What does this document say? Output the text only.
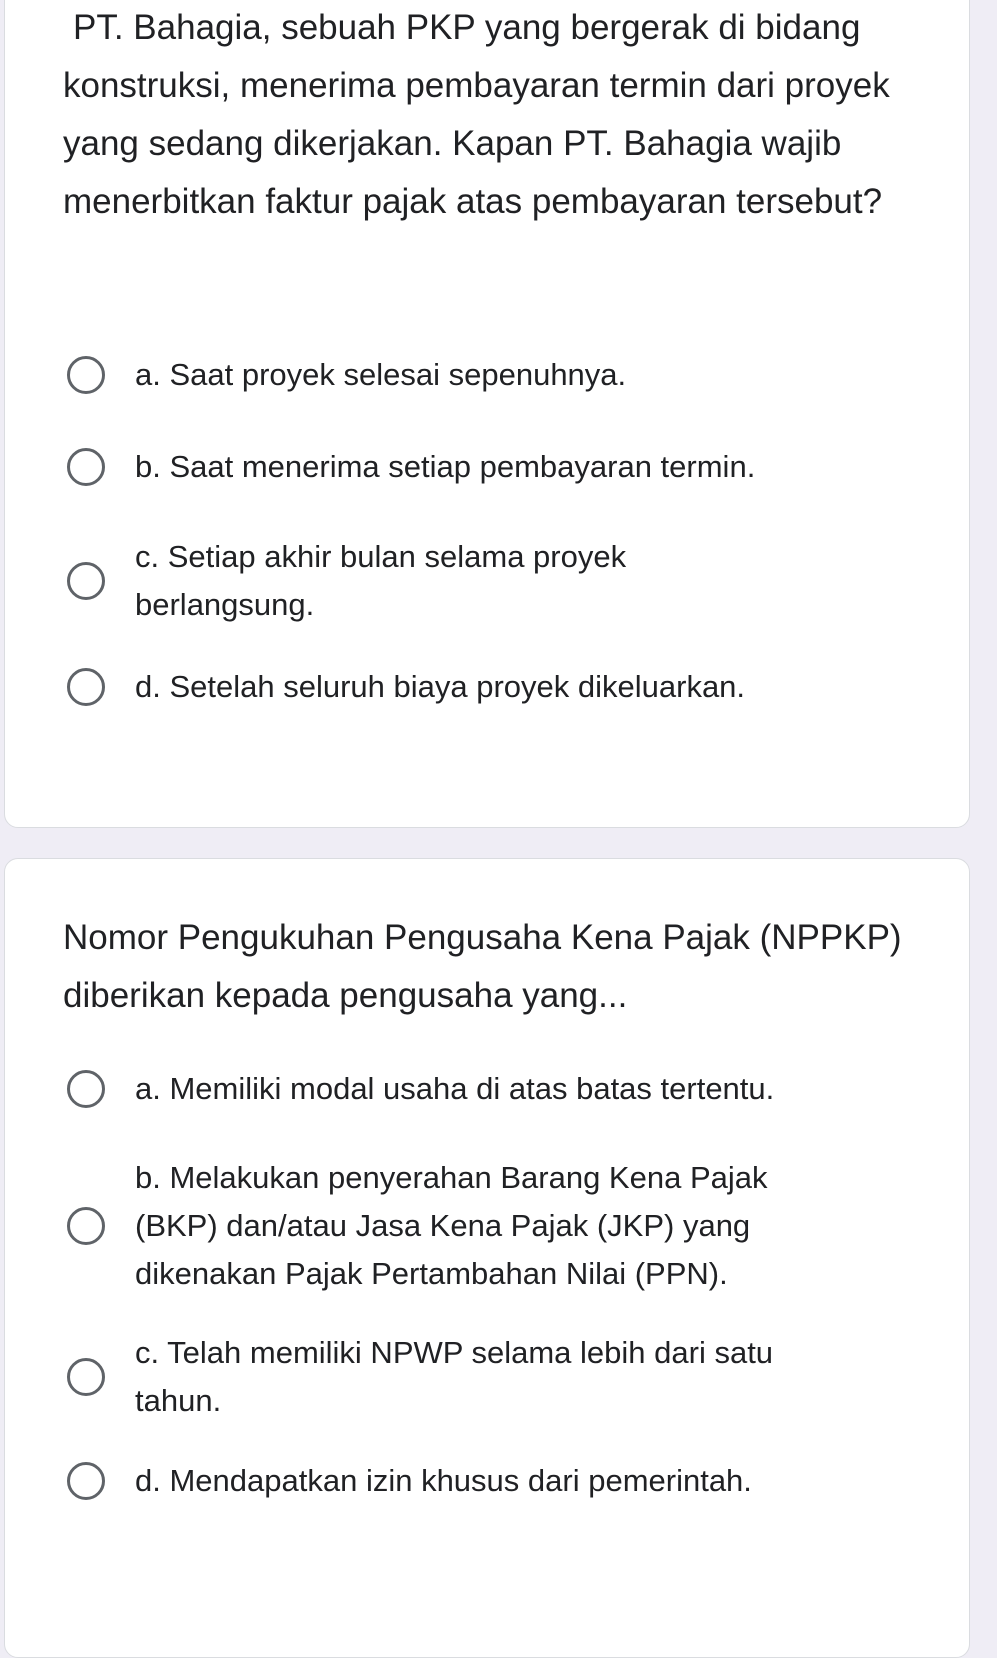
PT. Bahagia, sebuah PKP yang bergerak di bidang konstruksi, menerima pembayaran termin dari proyek yang sedang dikerjakan. Kapan PT. Bahagia wajib menerbitkan faktur pajak atas pembayaran tersebut?

a. Saat proyek selesai sepenuhnya.
b. Saat menerima setiap pembayaran termin.
c. Setiap akhir bulan selama proyek berlangsung.
d. Setelah seluruh biaya proyek dikeluarkan.

Nomor Pengukuhan Pengusaha Kena Pajak (NPPKP) diberikan kepada pengusaha yang...

a. Memiliki modal usaha di atas batas tertentu.
b. Melakukan penyerahan Barang Kena Pajak (BKP) dan/atau Jasa Kena Pajak (JKP) yang dikenakan Pajak Pertambahan Nilai (PPN).
c. Telah memiliki NPWP selama lebih dari satu tahun.
d. Mendapatkan izin khusus dari pemerintah.
